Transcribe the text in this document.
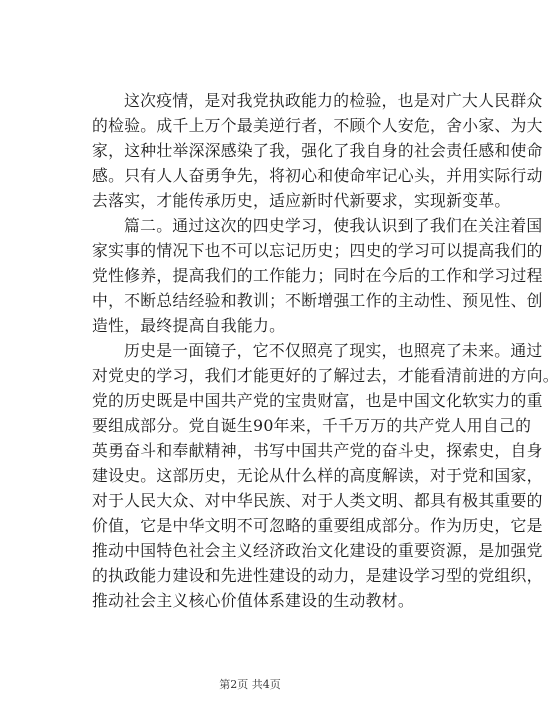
这次疫情，是对我党执政能力的检验，也是对广大人民群众
的检验。成千上万个最美逆行者，不顾个人安危，舍小家、为大
家，这种壮举深深感染了我，强化了我自身的社会责任感和使命
感。只有人人奋勇争先，将初心和使命牢记心头，并用实际行动
去落实，才能传承历史，适应新时代新要求，实现新变革。

篇二。通过这次的四史学习，使我认识到了我们在关注着国
家实事的情况下也不可以忘记历史；四史的学习可以提高我们的
党性修养，提高我们的工作能力；同时在今后的工作和学习过程
中，不断总结经验和教训；不断增强工作的主动性、预见性、创
造性，最终提高自我能力。

历史是一面镜子，它不仅照亮了现实，也照亮了未来。通过
对党史的学习，我们才能更好的了解过去，才能看清前进的方向。
党的历史既是中国共产党的宝贵财富，也是中国文化软实力的重
要组成部分。党自诞生90年来，千千万万的共产党人用自己的
英勇奋斗和奉献精神，书写中国共产党的奋斗史，探索史，自身
建设史。这部历史，无论从什么样的高度解读，对于党和国家，
对于人民大众、对中华民族、对于人类文明、都具有极其重要的
价值，它是中华文明不可忽略的重要组成部分。作为历史，它是
推动中国特色社会主义经济政治文化建设的重要资源，是加强党
的执政能力建设和先进性建设的动力，是建设学习型的党组织，
推动社会主义核心价值体系建设的生动教材。

第2页 共4页
